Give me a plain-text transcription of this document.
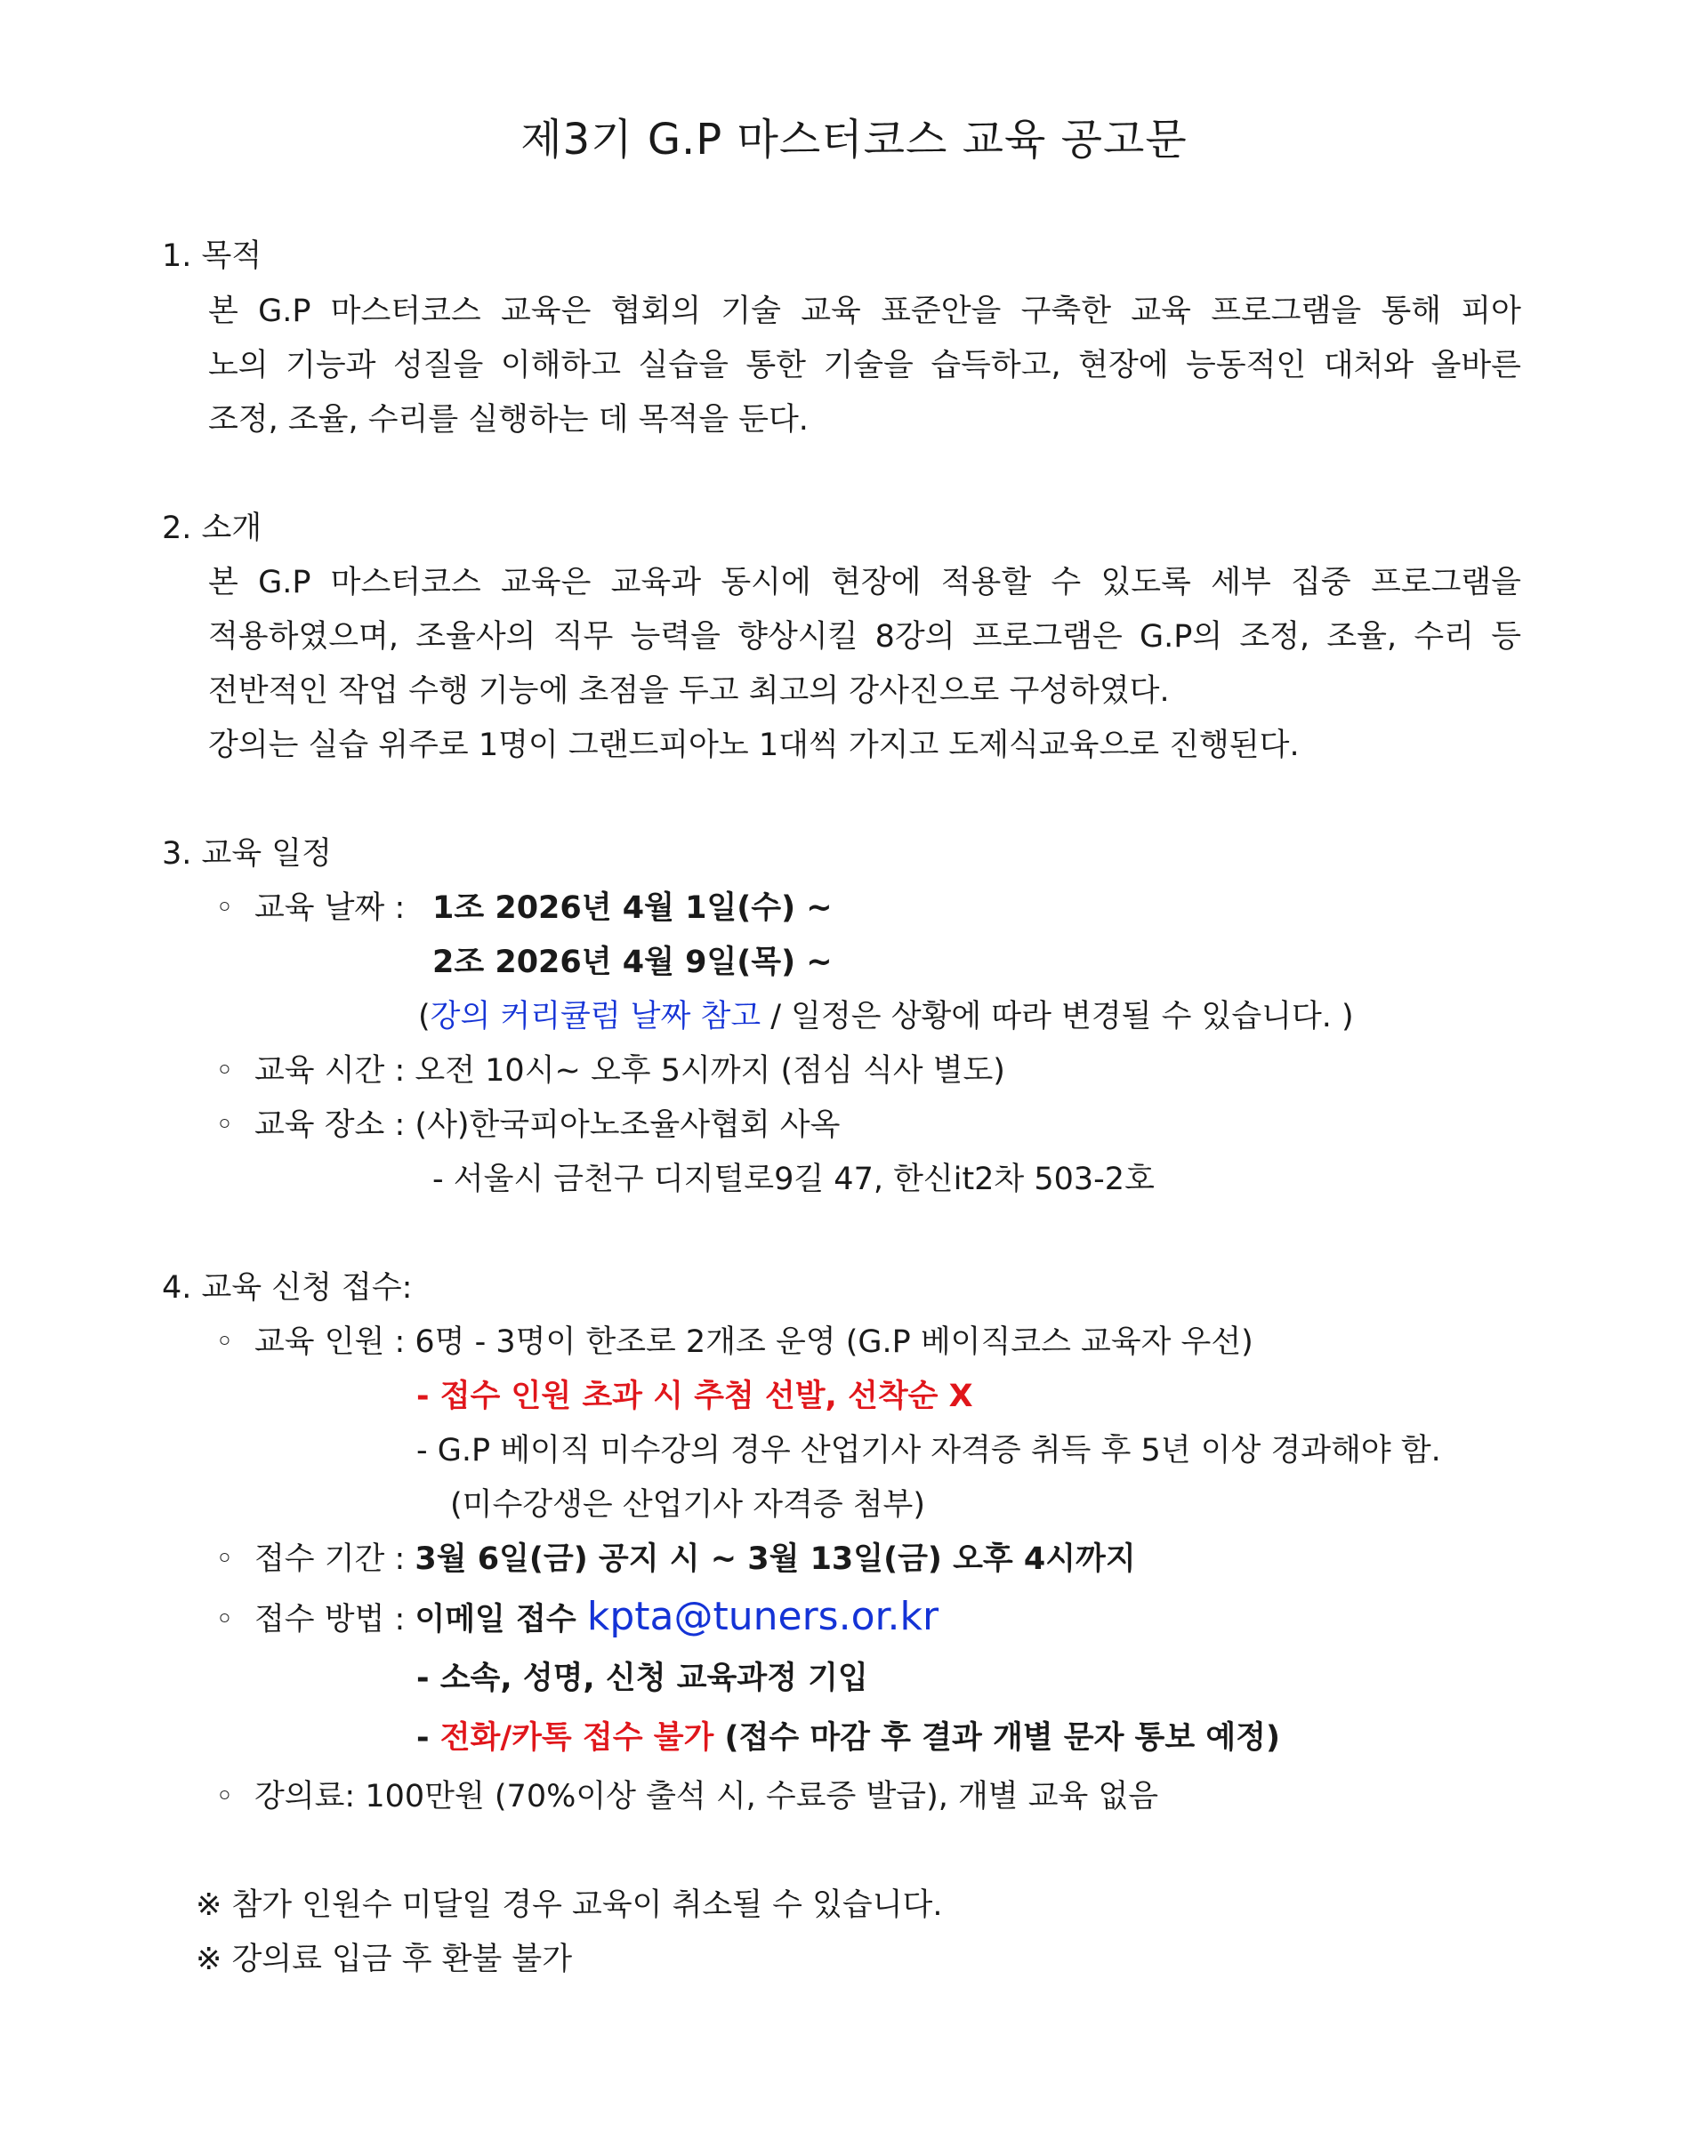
제3기 G.P 마스터코스 교육 공고문
1. 목적
본 G.P 마스터코스 교육은 협회의 기술 교육 표준안을 구축한 교육 프로그램을 통해 피아
노의 기능과 성질을 이해하고 실습을 통한 기술을 습득하고, 현장에 능동적인 대처와 올바른
조정, 조율, 수리를 실행하는 데 목적을 둔다.
2. 소개
본 G.P 마스터코스 교육은 교육과 동시에 현장에 적용할 수 있도록 세부 집중 프로그램을
적용하였으며, 조율사의 직무 능력을 향상시킬 8강의 프로그램은 G.P의 조정, 조율, 수리 등
전반적인 작업 수행 기능에 초점을 두고 최고의 강사진으로 구성하였다.
강의는 실습 위주로 1명이 그랜드피아노 1대씩 가지고 도제식교육으로 진행된다.
3. 교육 일정
◦ 교육 날짜 : 1조 2026년 4월 1일(수) ~
2조 2026년 4월 9일(목) ~
(강의 커리큘럼 날짜 참고 / 일정은 상황에 따라 변경될 수 있습니다. )
◦ 교육 시간 : 오전 10시~ 오후 5시까지 (점심 식사 별도)
◦ 교육 장소 : (사)한국피아노조율사협회 사옥
- 서울시 금천구 디지털로9길 47, 한신it2차 503-2호
4. 교육 신청 접수:
◦ 교육 인원 : 6명 - 3명이 한조로 2개조 운영 (G.P 베이직코스 교육자 우선)
- 접수 인원 초과 시 추첨 선발, 선착순 X
- G.P 베이직 미수강의 경우 산업기사 자격증 취득 후 5년 이상 경과해야 함.
(미수강생은 산업기사 자격증 첨부)
◦ 접수 기간 : 3월 6일(금) 공지 시 ~ 3월 13일(금) 오후 4시까지
◦ 접수 방법 : 이메일 접수 kpta@tuners.or.kr
- 소속, 성명, 신청 교육과정 기입
- 전화/카톡 접수 불가 (접수 마감 후 결과 개별 문자 통보 예정)
◦ 강의료: 100만원 (70%이상 출석 시, 수료증 발급), 개별 교육 없음
※ 참가 인원수 미달일 경우 교육이 취소될 수 있습니다.
※ 강의료 입금 후 환불 불가
